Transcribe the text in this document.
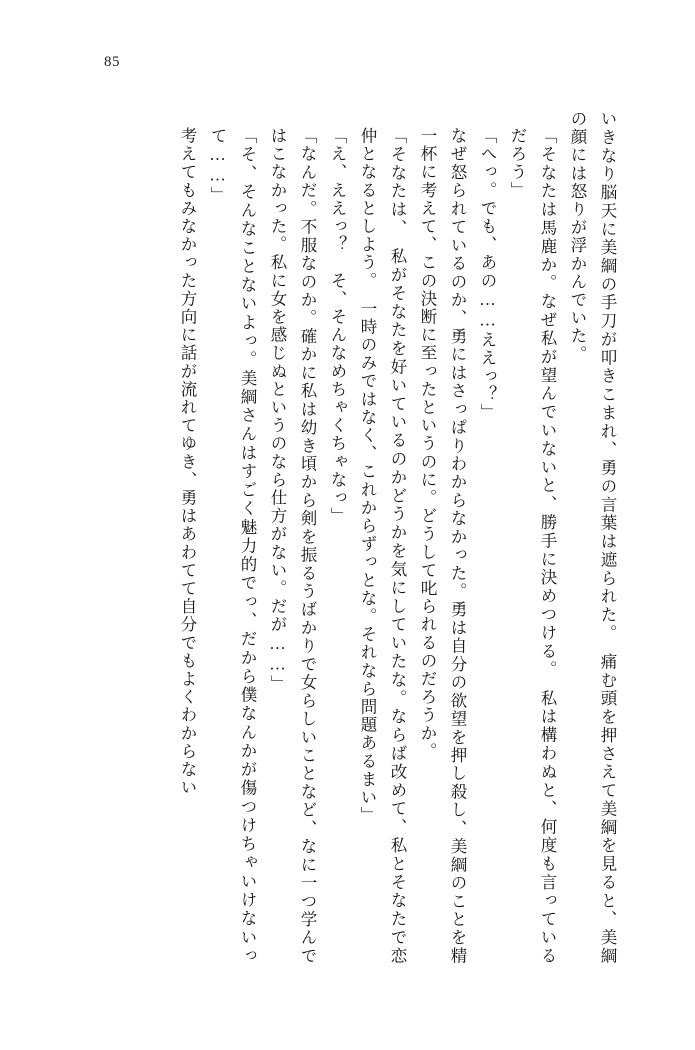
85

いきなり脳天に美綱の手刀が叩きこまれ、勇の言葉は遮られた。　痛む頭を押さえて美綱を見ると、美綱の顔には怒りが浮かんでいた。

「そなたは馬鹿か。なぜ私が望んでいないと、勝手に決めつける。　私は構わぬと、何度も言っているだろう」

「へっ。でも、あの……ええっ？」

なぜ怒られているのか、勇にはさっぱりわからなかった。勇は自分の欲望を押し殺し、美綱のことを精一杯に考えて、この決断に至ったというのに。どうして叱られるのだろうか。

「そなたは、　私がそなたを好いているのかどうかを気にしていたな。ならば改めて、私とそなたで恋仲となるとしよう。　一時のみではなく、これからずっとな。それなら問題あるまい」

「え、ええっ？　そ、そんなめちゃくちゃなっ」

「なんだ。不服なのか。確かに私は幼き頃から剣を振るうばかりで女らしいことなど、なに一つ学んではこなかった。私に女を感じぬというのなら仕方がない。だが……」

「そ、そんなことないよっ。美綱さんはすごく魅力的でっ、だから僕なんかが傷つけちゃいけないって……」

考えてもみなかった方向に話が流れてゆき、勇はあわてて自分でもよくわからない
